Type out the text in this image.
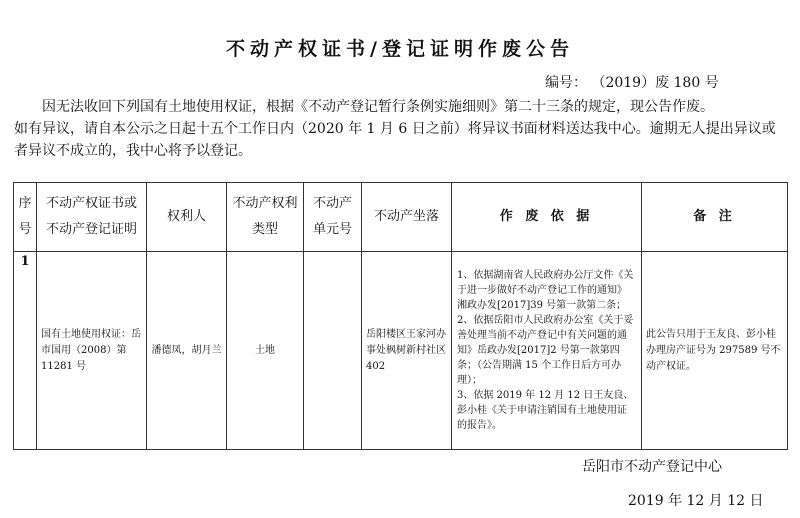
不动产权证书/登记证明作废公告
编号： （2019）废 180 号

因无法收回下列国有土地使用权证，根据《不动产登记暂行条例实施细则》第二十三条的规定，现公告作废。

如有异议，请自本公示之日起十五个工作日内（2020 年 1 月 6 日之前）将异议书面材料送达我中心。逾期无人提出异议或者异议不成立的，我中心将予以登记。

序号	不动产权证书或不动产登记证明	权利人	不动产权利类型	不动产单元号	不动产坐落	作 废 依 据	备 注
1	国有土地使用权证：岳市国用（2008）第 11281 号	潘德凤，胡月兰	土地		岳阳楼区王家河办事处枫树新村社区 402	1、依据湖南省人民政府办公厅文件《关于进一步做好不动产登记工作的通知》湘政办发[2017]39 号第一款第二条；
2、依据岳阳市人民政府办公室《关于妥善处理当前不动产登记中有关问题的通知》岳政办发[2017]2 号第一款第四条；（公告期满 15 个工作日后方可办理）；
3、依据 2019 年 12 月 12 日王友良、彭小桂《关于申请注销国有土地使用证的报告》。	此公告只用于王友良、彭小桂办理房产证号为 297589 号不动产权证。
岳阳市不动产登记中心
2019 年 12 月 12 日
